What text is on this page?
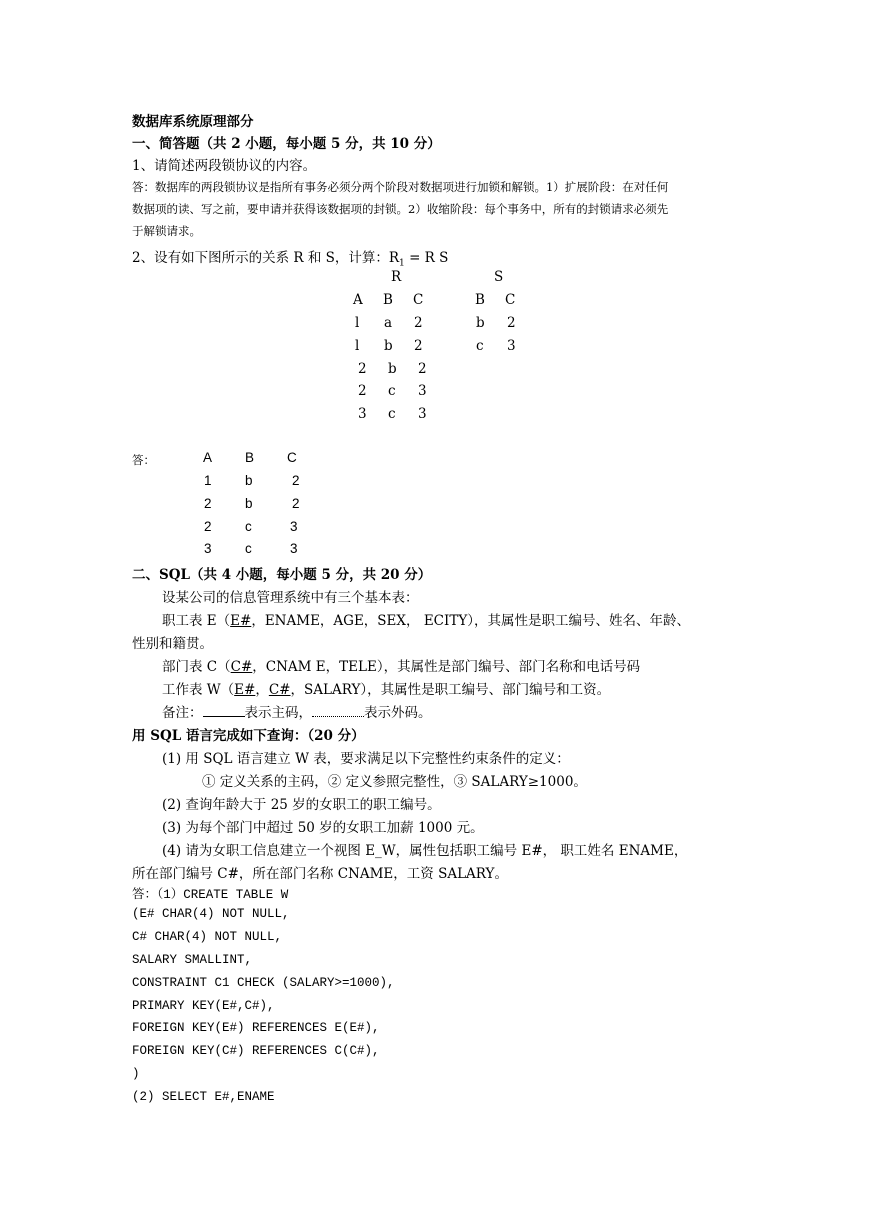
数据库系统原理部分
一、简答题（共 2 小题，每小题 5 分，共 10 分）
1、请简述两段锁协议的内容。
答：数据库的两段锁协议是指所有事务必须分两个阶段对数据项进行加锁和解锁。1）扩展阶段：在对任何
数据项的读、写之前，要申请并获得该数据项的封锁。2）收缩阶段：每个事务中，所有的封锁请求必须先
于解锁请求。
2、设有如下图所示的关系 R 和 S，计算：$R_1 = R$ S
R
A B C
l a 2
l b 2
2 b 2
2 c 3
3 c 3
S
B C
b 2
c 3
答：	A B C
1 b	2
2 b	2
2 c	3
3 c	3
二、SQL（共 4 小题，每小题 5 分，共 20 分）
设某公司的信息管理系统中有三个基本表：
职工表 E（E#，ENAME，AGE，SEX， ECITY），其属性是职工编号、姓名、年龄、
性别和籍贯。
部门表 C（C#，CNAM E，TELE），其属性是部门编号、部门名称和电话号码
工作表 W（E#，C#，SALARY），其属性是职工编号、部门编号和工资。
备注：	表示主码，	表示外码。
用 SQL 语言完成如下查询：（20 分）
(1) 用 SQL 语言建立 W 表，要求满足以下完整性约束条件的定义：
① 定义关系的主码，② 定义参照完整性，③ SALARY≥1000。
(2) 查询年龄大于 25 岁的女职工的职工编号。
(3) 为每个部门中超过 50 岁的女职工加薪 1000 元。
(4) 请为女职工信息建立一个视图 E_W，属性包括职工编号 E#， 职工姓名 ENAME，
所在部门编号 C#，所在部门名称 CNAME，工资 SALARY。
答：（1）CREATE TABLE W
(E# CHAR(4) NOT NULL,
C# CHAR(4) NOT NULL,
SALARY SMALLINT,
CONSTRAINT C1 CHECK (SALARY>=1000),
PRIMARY KEY(E#,C#),
FOREIGN KEY(E#) REFERENCES E(E#),
FOREIGN KEY(C#) REFERENCES C(C#),
)
(2) SELECT E#,ENAME
